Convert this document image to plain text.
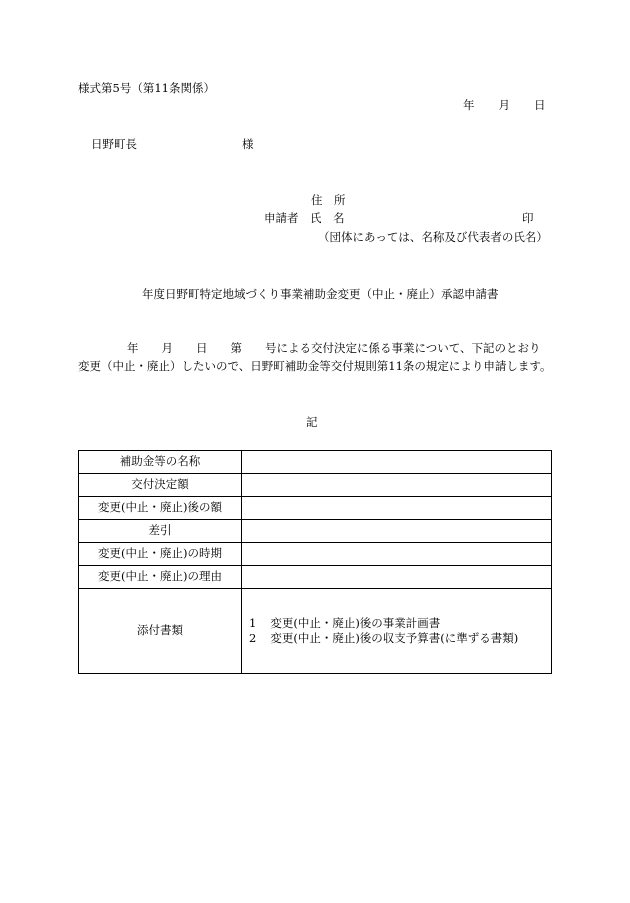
様式第5号（第11条関係）
年 月 日
日野町長	様
住　所
申請者　氏　名	印
（団体にあっては、名称及び代表者の氏名）
年度日野町特定地域づくり事業補助金変更（中止・廃止）承認申請書
年　　月　　日　　第　　号による交付決定に係る事業について、下記のとおり
変更（中止・廃止）したいので、日野町補助金等交付規則第11条の規定により申請します。
記
補助金等の名称	
交付決定額	
変更(中止・廃止)後の額	
差引	
変更(中止・廃止)の時期	
変更(中止・廃止)の理由	
添付書類	1 変更(中止・廃止)後の事業計画書
2 変更(中止・廃止)後の収支予算書(に準ずる書類)
